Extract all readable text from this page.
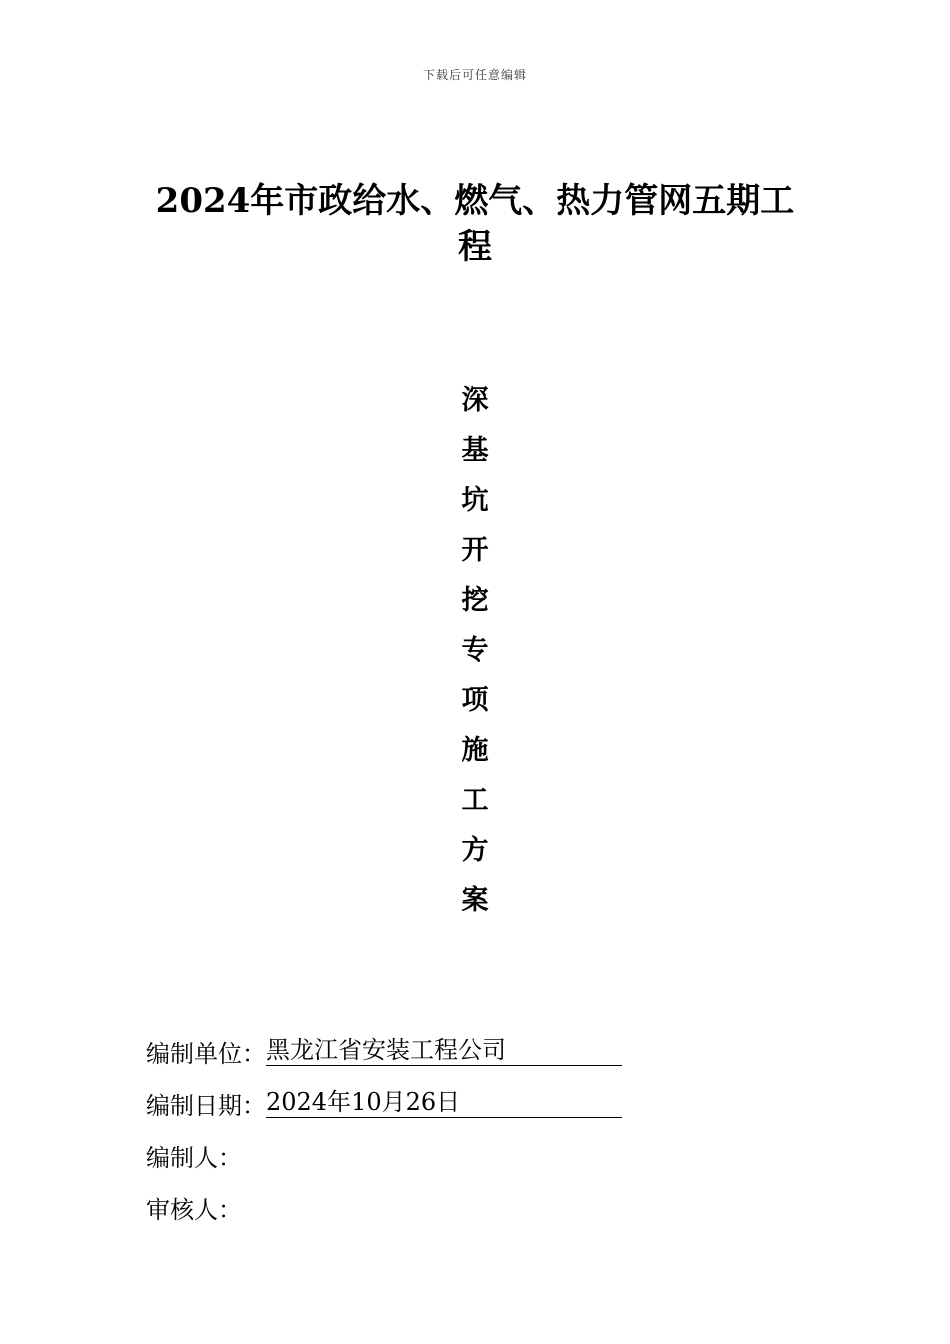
下载后可任意编辑
2024年市政给水、燃气、热力管网五期工程
深
基
坑
开
挖
专
项
施
工
方
案
编制单位： 黑龙江省安装工程公司
编制日期： 2024年10月26日
编制人：
审核人：
